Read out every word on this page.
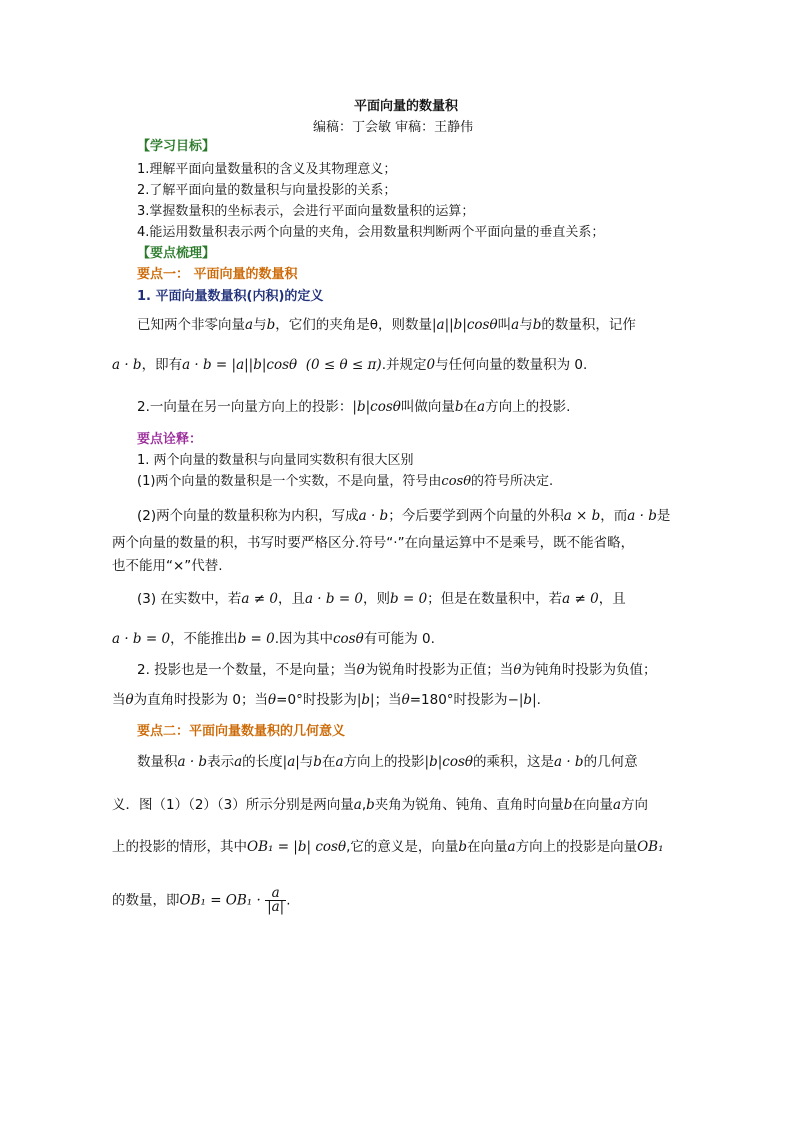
平面向量的数量积
编稿：丁会敏 审稿：王静伟
【学习目标】
1.理解平面向量数量积的含义及其物理意义；
2.了解平面向量的数量积与向量投影的关系；
3.掌握数量积的坐标表示，会进行平面向量数量积的运算；
4.能运用数量积表示两个向量的夹角，会用数量积判断两个平面向量的垂直关系；
【要点梳理】
要点一： 平面向量的数量积
1. 平面向量数量积(内积)的定义
已知两个非零向量a与b，它们的夹角是θ，则数量|a||b|cosθ叫a与b的数量积，记作
a · b，即有a · b = |a||b|cosθ (0 ≤ θ ≤ π).并规定0与任何向量的数量积为 0.
2.一向量在另一向量方向上的投影：|b|cosθ叫做向量b在a方向上的投影.
要点诠释：
1. 两个向量的数量积与向量同实数积有很大区别
(1)两个向量的数量积是一个实数，不是向量，符号由cosθ的符号所决定.
(2)两个向量的数量积称为内积，写成a · b；今后要学到两个向量的外积a × b，而a · b是
两个向量的数量的积，书写时要严格区分.符号“·”在向量运算中不是乘号，既不能省略，
也不能用“×”代替.
(3) 在实数中，若a ≠ 0，且a · b = 0，则b = 0；但是在数量积中，若a ≠ 0，且
a · b = 0，不能推出b = 0.因为其中cosθ有可能为 0.
2. 投影也是一个数量，不是向量；当θ为锐角时投影为正值；当θ为钝角时投影为负值；
当θ为直角时投影为 0；当θ=0°时投影为|b|；当θ=180°时投影为−|b|.
要点二：平面向量数量积的几何意义
数量积a · b表示a的长度|a|与b在a方向上的投影|b|cosθ的乘积，这是a · b的几何意
义．图（1）（2）（3）所示分别是两向量a,b夹角为锐角、钝角、直角时向量b在向量a方向
上的投影的情形，其中OB₁ = |b| cosθ,它的意义是，向量b在向量a方向上的投影是向量OB₁
的数量，即$OB_1 = OB_1 \cdot \frac{a}{|a|}$ .
